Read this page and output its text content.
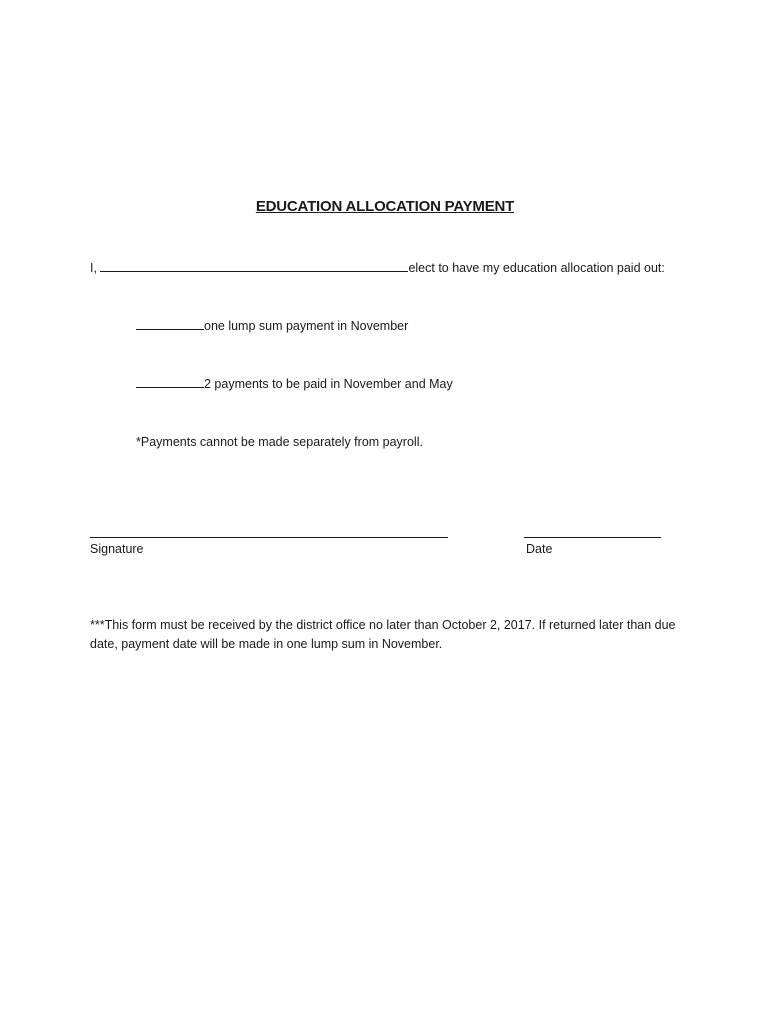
EDUCATION ALLOCATION PAYMENT
I,	elect to have my education allocation paid out:
one lump sum payment in November
2 payments to be paid in November and May
*Payments cannot be made separately from payroll.
Signature	Date
***This form must be received by the district office no later than October 2, 2017. If returned later than due date, payment date will be made in one lump sum in November.
